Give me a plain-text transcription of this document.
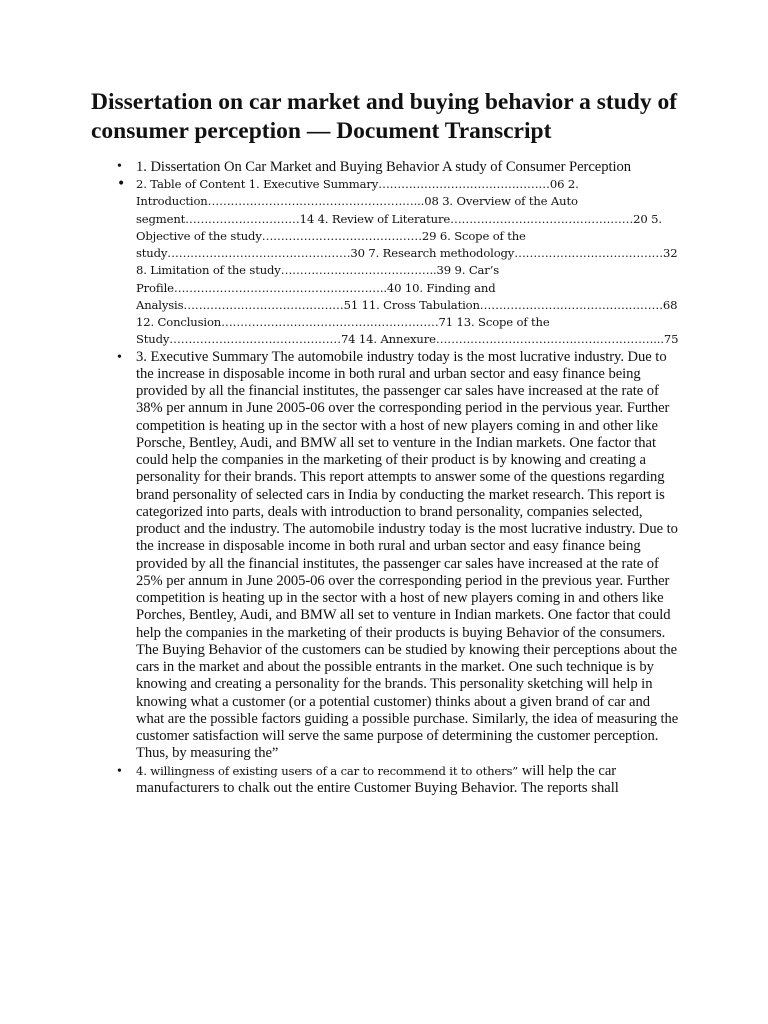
Dissertation on car market and buying behavior a study of consumer perception — Document Transcript
• 1. Dissertation On Car Market and Buying Behavior A study of Consumer Perception
• 2. Table of Content 1. Executive Summary………………………………………06 2. Introduction………………………………………………...08 3. Overview of the Auto segment…………………………14 4. Review of Literature…………………………………………20 5. Objective of the study……………………………………29 6. Scope of the study…………………………………………30 7. Research methodology…………………………………32 8. Limitation of the study…………………………………..39 9. Car’s Profile………………………………………………..40 10. Finding and Analysis……………………………………51 11. Cross Tabulation…………………………………………68 12. Conclusion…………………………………………………71 13. Scope of the Study………………………………………74 14. Annexure…………………………………………………...75
• 3. Executive Summary The automobile industry today is the most lucrative industry. Due to the increase in disposable income in both rural and urban sector and easy finance being provided by all the financial institutes, the passenger car sales have increased at the rate of 38% per annum in June 2005-06 over the corresponding period in the pervious year. Further competition is heating up in the sector with a host of new players coming in and other like Porsche, Bentley, Audi, and BMW all set to venture in the Indian markets. One factor that could help the companies in the marketing of their product is by knowing and creating a personality for their brands. This report attempts to answer some of the questions regarding brand personality of selected cars in India by conducting the market research. This report is categorized into parts, deals with introduction to brand personality, companies selected, product and the industry. The automobile industry today is the most lucrative industry. Due to the increase in disposable income in both rural and urban sector and easy finance being provided by all the financial institutes, the passenger car sales have increased at the rate of 25% per annum in June 2005-06 over the corresponding period in the previous year. Further competition is heating up in the sector with a host of new players coming in and others like Porches, Bentley, Audi, and BMW all set to venture in Indian markets. One factor that could help the companies in the marketing of their products is buying Behavior of the consumers. The Buying Behavior of the customers can be studied by knowing their perceptions about the cars in the market and about the possible entrants in the market. One such technique is by knowing and creating a personality for the brands. This personality sketching will help in knowing what a customer (or a potential customer) thinks about a given brand of car and what are the possible factors guiding a possible purchase. Similarly, the idea of measuring the customer satisfaction will serve the same purpose of determining the customer perception. Thus, by measuring the”
• 4. willingness of existing users of a car to recommend it to others” will help the car manufacturers to chalk out the entire Customer Buying Behavior. The reports shall
